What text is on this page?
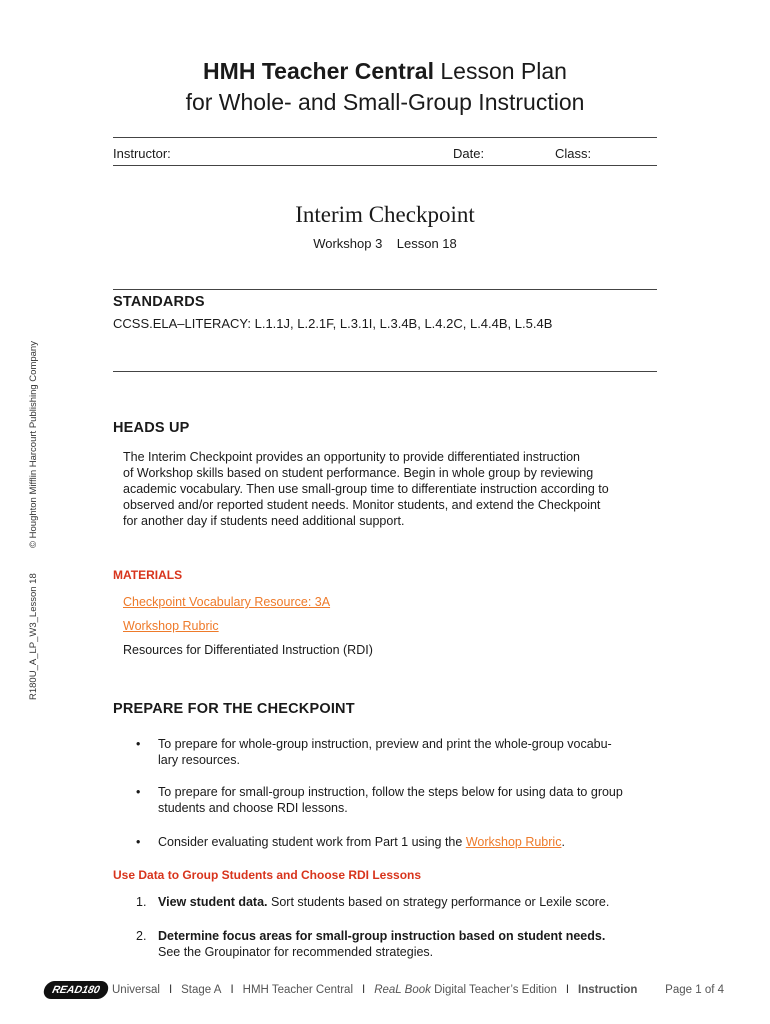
HMH Teacher Central Lesson Plan
for Whole- and Small-Group Instruction
Instructor:	Date:	Class:
Interim Checkpoint
Workshop 3    Lesson 18
© Houghton Mifflin Harcourt Publishing Company
R180U_A_LP_W3_Lesson 18
STANDARDS
CCSS.ELA–LITERACY: L.1.1J, L.2.1F, L.3.1I, L.3.4B, L.4.2C, L.4.4B, L.5.4B
HEADS UP
The Interim Checkpoint provides an opportunity to provide differentiated instruction
of Workshop skills based on student performance. Begin in whole group by reviewing
academic vocabulary. Then use small-group time to differentiate instruction according to
observed and/or reported student needs. Monitor students, and extend the Checkpoint
for another day if students need additional support.
MATERIALS
Checkpoint Vocabulary Resource: 3A
Workshop Rubric
Resources for Differentiated Instruction (RDI)
PREPARE FOR THE CHECKPOINT
• To prepare for whole-group instruction, preview and print the whole-group vocabu-
lary resources.
• To prepare for small-group instruction, follow the steps below for using data to group
students and choose RDI lessons.
• Consider evaluating student work from Part 1 using the Workshop Rubric.
Use Data to Group Students and Choose RDI Lessons
1. View student data. Sort students based on strategy performance or Lexile score.
2. Determine focus areas for small-group instruction based on student needs.
See the Groupinator for recommended strategies.
READ180 Universal I Stage A I HMH Teacher Central I ReaL Book Digital Teacher’s Edition I Instruction Page 1 of 4
